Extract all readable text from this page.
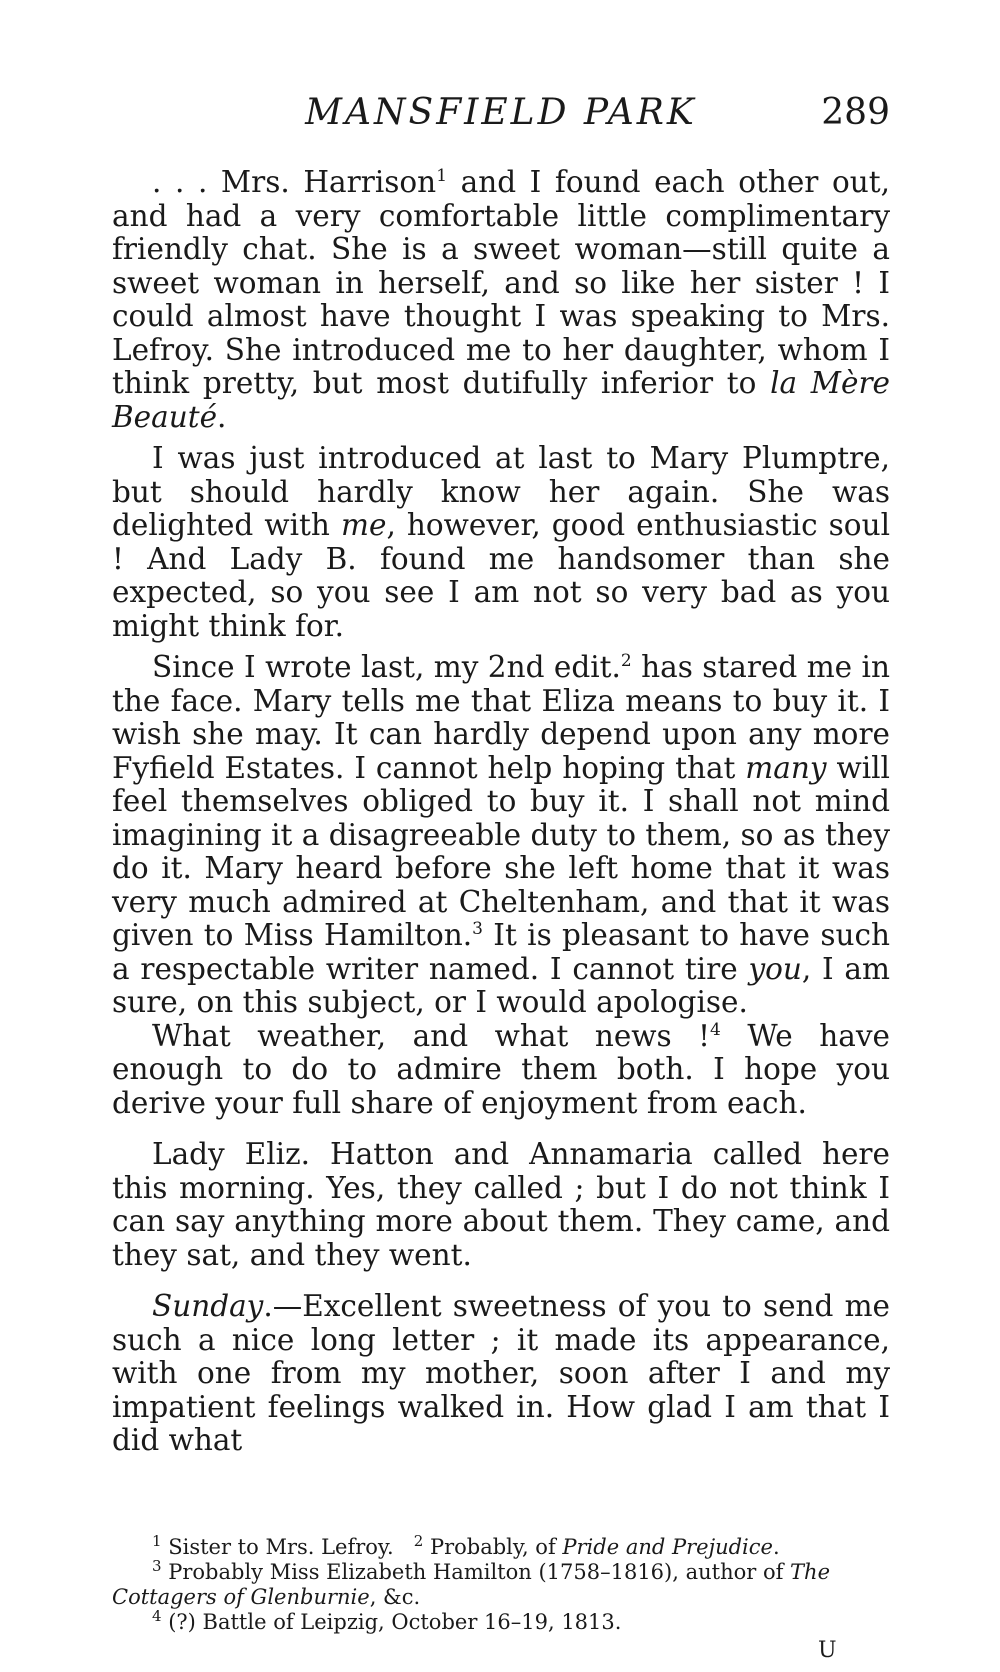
MANSFIELD PARK	289

. . . Mrs. Harrison$^1$ and I found each other out, and had a very comfortable little complimentary friendly chat. She is a sweet woman—still quite a sweet woman in herself, and so like her sister ! I could almost have thought I was speaking to Mrs. Lefroy. She introduced me to her daughter, whom I think pretty, but most dutifully inferior to la Mère Beauté.

I was just introduced at last to Mary Plumptre, but should hardly know her again. She was delighted with me, however, good enthusiastic soul ! And Lady B. found me handsomer than she expected, so you see I am not so very bad as you might think for.

Since I wrote last, my 2nd edit.$^2$ has stared me in the face. Mary tells me that Eliza means to buy it. I wish she may. It can hardly depend upon any more Fyfield Estates. I cannot help hoping that many will feel themselves obliged to buy it. I shall not mind imagining it a disagreeable duty to them, so as they do it. Mary heard before she left home that it was very much admired at Cheltenham, and that it was given to Miss Hamilton.$^3$ It is pleasant to have such a respectable writer named. I cannot tire you, I am sure, on this subject, or I would apologise.

What weather, and what news !$^4$ We have enough to do to admire them both. I hope you derive your full share of enjoyment from each.

Lady Eliz. Hatton and Annamaria called here this morning. Yes, they called ; but I do not think I can say anything more about them. They came, and they sat, and they went.

Sunday.—Excellent sweetness of you to send me such a nice long letter ; it made its appearance, with one from my mother, soon after I and my impatient feelings walked in. How glad I am that I did what

$^1$ Sister to Mrs. Lefroy. $^2$ Probably, of Pride and Prejudice.

$^3$ Probably Miss Elizabeth Hamilton (1758–1816), author of The Cottagers of Glenburnie, &c.

$^4$ (?) Battle of Leipzig, October 16–19, 1813.

U
